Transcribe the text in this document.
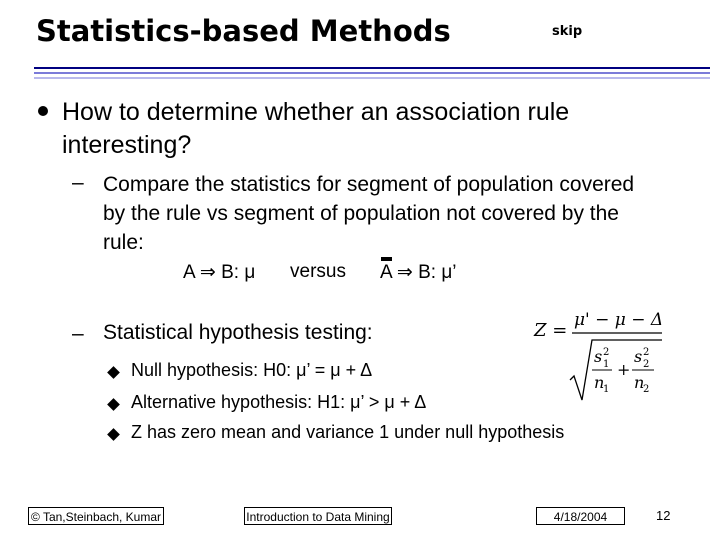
Statistics-based Methods	skip
How to determine whether an association rule interesting?
– Compare the statistics for segment of population covered by the rule vs segment of population not covered by the rule:
A ⇒ B: μ versus A ⇒ B: μ’
– Statistical hypothesis testing:
Null hypothesis: H0: μ’ = μ + Δ
Alternative hypothesis: H1: μ’ > μ + Δ
Z has zero mean and variance 1 under null hypothesis
Z = μ' − μ − Δ
s 2
1
n
1
+
s 2
2
n
2
© Tan,Steinbach, Kumar	Introduction to Data Mining	4/18/2004	12
